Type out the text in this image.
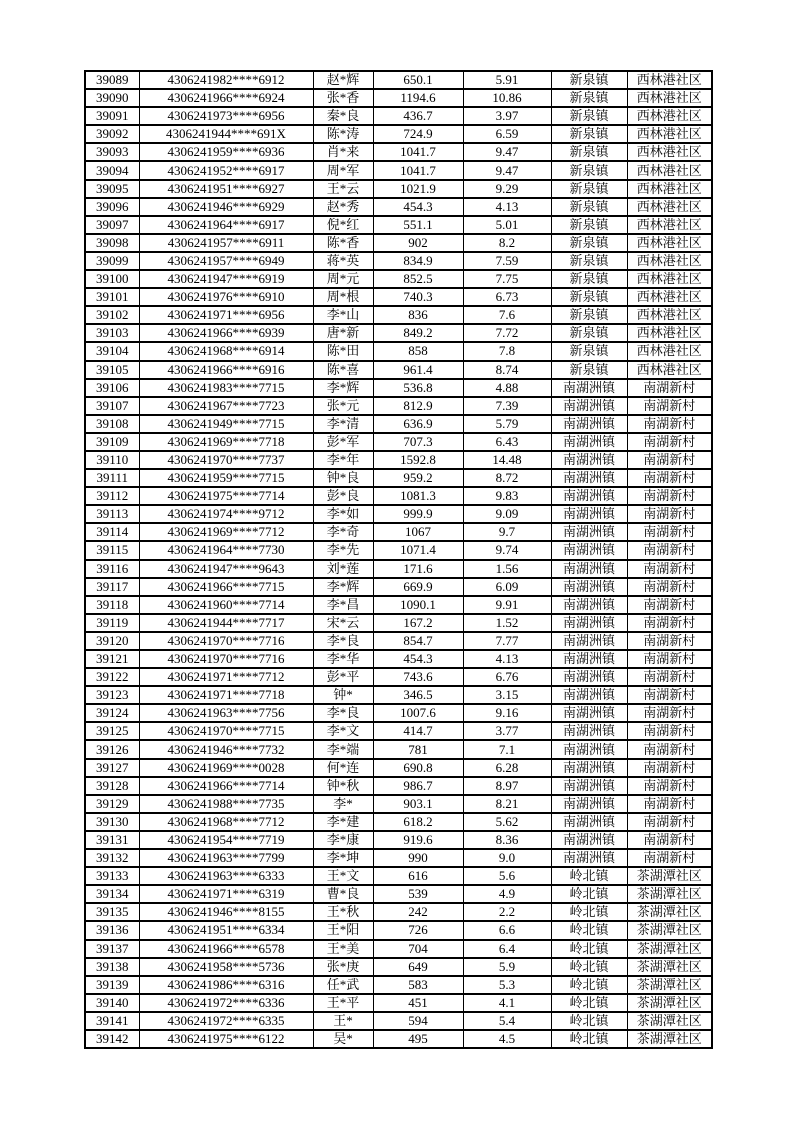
39089	4306241982****6912	赵*辉	650.1	5.91	新泉镇	西林港社区
39090	4306241966****6924	张*香	1194.6	10.86	新泉镇	西林港社区
39091	4306241973****6956	秦*良	436.7	3.97	新泉镇	西林港社区
39092	4306241944****691X	陈*涛	724.9	6.59	新泉镇	西林港社区
39093	4306241959****6936	肖*来	1041.7	9.47	新泉镇	西林港社区
39094	4306241952****6917	周*军	1041.7	9.47	新泉镇	西林港社区
39095	4306241951****6927	王*云	1021.9	9.29	新泉镇	西林港社区
39096	4306241946****6929	赵*秀	454.3	4.13	新泉镇	西林港社区
39097	4306241964****6917	倪*红	551.1	5.01	新泉镇	西林港社区
39098	4306241957****6911	陈*香	902	8.2	新泉镇	西林港社区
39099	4306241957****6949	蒋*英	834.9	7.59	新泉镇	西林港社区
39100	4306241947****6919	周*元	852.5	7.75	新泉镇	西林港社区
39101	4306241976****6910	周*根	740.3	6.73	新泉镇	西林港社区
39102	4306241971****6956	李*山	836	7.6	新泉镇	西林港社区
39103	4306241966****6939	唐*新	849.2	7.72	新泉镇	西林港社区
39104	4306241968****6914	陈*田	858	7.8	新泉镇	西林港社区
39105	4306241966****6916	陈*喜	961.4	8.74	新泉镇	西林港社区
39106	4306241983****7715	李*辉	536.8	4.88	南湖洲镇	南湖新村
39107	4306241967****7723	张*元	812.9	7.39	南湖洲镇	南湖新村
39108	4306241949****7715	李*清	636.9	5.79	南湖洲镇	南湖新村
39109	4306241969****7718	彭*军	707.3	6.43	南湖洲镇	南湖新村
39110	4306241970****7737	李*年	1592.8	14.48	南湖洲镇	南湖新村
39111	4306241959****7715	钟*良	959.2	8.72	南湖洲镇	南湖新村
39112	4306241975****7714	彭*良	1081.3	9.83	南湖洲镇	南湖新村
39113	4306241974****9712	李*如	999.9	9.09	南湖洲镇	南湖新村
39114	4306241969****7712	李*奇	1067	9.7	南湖洲镇	南湖新村
39115	4306241964****7730	李*先	1071.4	9.74	南湖洲镇	南湖新村
39116	4306241947****9643	刘*莲	171.6	1.56	南湖洲镇	南湖新村
39117	4306241966****7715	李*辉	669.9	6.09	南湖洲镇	南湖新村
39118	4306241960****7714	李*昌	1090.1	9.91	南湖洲镇	南湖新村
39119	4306241944****7717	宋*云	167.2	1.52	南湖洲镇	南湖新村
39120	4306241970****7716	李*良	854.7	7.77	南湖洲镇	南湖新村
39121	4306241970****7716	李*华	454.3	4.13	南湖洲镇	南湖新村
39122	4306241971****7712	彭*平	743.6	6.76	南湖洲镇	南湖新村
39123	4306241971****7718	钟*	346.5	3.15	南湖洲镇	南湖新村
39124	4306241963****7756	李*良	1007.6	9.16	南湖洲镇	南湖新村
39125	4306241970****7715	李*文	414.7	3.77	南湖洲镇	南湖新村
39126	4306241946****7732	李*端	781	7.1	南湖洲镇	南湖新村
39127	4306241969****0028	何*连	690.8	6.28	南湖洲镇	南湖新村
39128	4306241966****7714	钟*秋	986.7	8.97	南湖洲镇	南湖新村
39129	4306241988****7735	李*	903.1	8.21	南湖洲镇	南湖新村
39130	4306241968****7712	李*建	618.2	5.62	南湖洲镇	南湖新村
39131	4306241954****7719	李*康	919.6	8.36	南湖洲镇	南湖新村
39132	4306241963****7799	李*坤	990	9.0	南湖洲镇	南湖新村
39133	4306241963****6333	王*文	616	5.6	岭北镇	茶湖潭社区
39134	4306241971****6319	曹*良	539	4.9	岭北镇	茶湖潭社区
39135	4306241946****8155	王*秋	242	2.2	岭北镇	茶湖潭社区
39136	4306241951****6334	王*阳	726	6.6	岭北镇	茶湖潭社区
39137	4306241966****6578	王*美	704	6.4	岭北镇	茶湖潭社区
39138	4306241958****5736	张*庚	649	5.9	岭北镇	茶湖潭社区
39139	4306241986****6316	任*武	583	5.3	岭北镇	茶湖潭社区
39140	4306241972****6336	王*平	451	4.1	岭北镇	茶湖潭社区
39141	4306241972****6335	王*	594	5.4	岭北镇	茶湖潭社区
39142	4306241975****6122	吴*	495	4.5	岭北镇	茶湖潭社区
